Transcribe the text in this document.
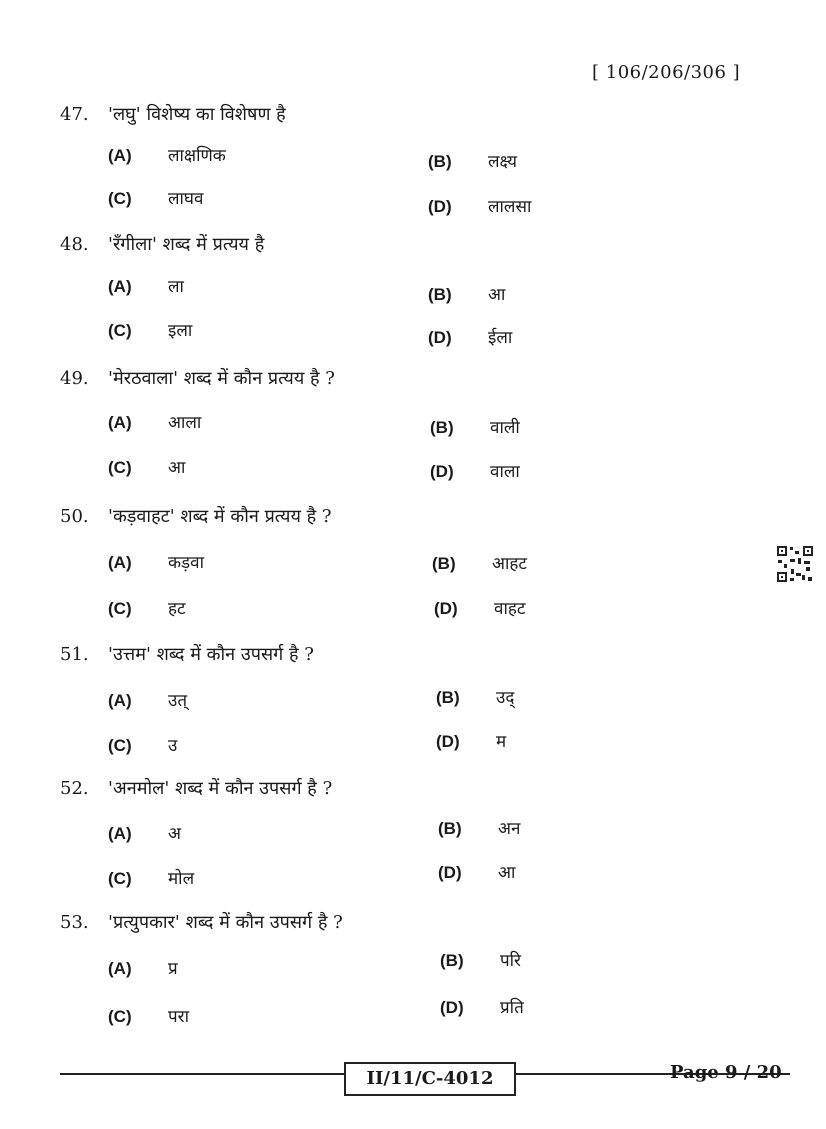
[ 106/206/306 ]
47. 'लघु' विशेष्य का विशेषण है
(A) लाक्षणिक	(B) लक्ष्य
(C) लाघव	(D) लालसा
48. 'रँगीला' शब्द में प्रत्यय है
(A) ला	(B) आ
(C) इला	(D) ईला
49. 'मेरठवाला' शब्द में कौन प्रत्यय है ?
(A) आला	(B) वाली
(C) आ	(D) वाला
50. 'कड़वाहट' शब्द में कौन प्रत्यय है ?
(A) कड़वा	(B) आहट
(C) हट	(D) वाहट
51. 'उत्तम' शब्द में कौन उपसर्ग है ?
(A) उत्	(B) उद्
(C) उ	(D) म
52. 'अनमोल' शब्द में कौन उपसर्ग है ?
(A) अ	(B) अन
(C) मोल	(D) आ
53. 'प्रत्युपकार' शब्द में कौन उपसर्ग है ?
(A) प्र	(B) परि
(C) परा	(D) प्रति
II/11/C-4012	Page 9 / 20
